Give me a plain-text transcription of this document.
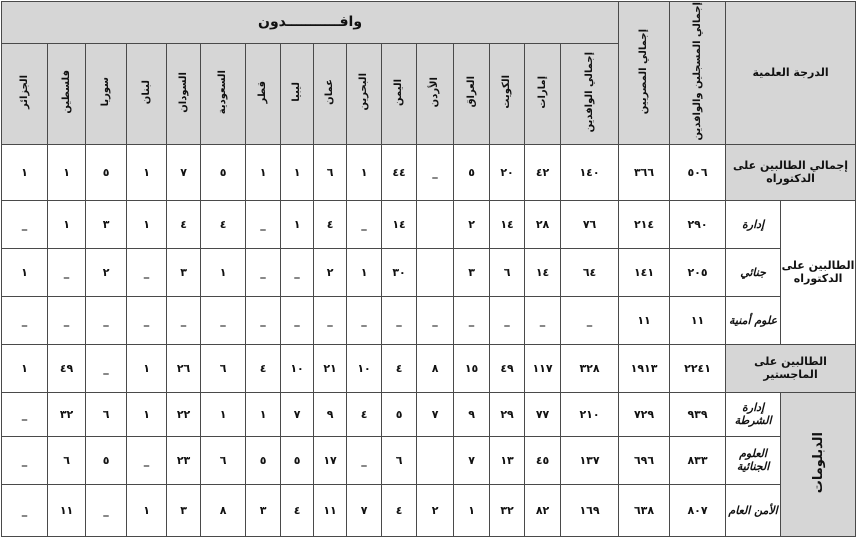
الدرجة العلمية		إجمالي المسجلين والوافدين	إجمالي المصريين	وافـــــــــــدون															
				إجمالي الوافدين	إمارات	الكويت	العراق	الأردن	اليمن	البحرين	عمان	ليبيا	قطر	السعودية	السودان	لبنان	سوريا	فلسطين	الجزائر
إجمالي الطالبين على الدكتوراه		٥٠٦	٣٦٦	١٤٠	٤٢	٢٠	٥	_	٤٤	١	٦	١	١	٥	٧	١	٥	١	١
الطالبين على الدكتوراه	إدارة	٢٩٠	٢١٤	٧٦	٢٨	١٤	٢		١٤	_	٤	١	_	٤	٤	١	٣	١	_
	جنائي	٢٠٥	١٤١	٦٤	١٤	٦	٣		٣٠	١	٢	_	_	١	٣	_	٢	_	١
	علوم أمنية	١١	١١	_	_	_	_	_	_	_	_	_	_	_	_	_	_	_	_
الطالبين على الماجستير		٢٢٤١	١٩١٣	٣٢٨	١١٧	٤٩	١٥	٨	٤	١٠	٢١	١٠	٤	٦	٢٦	١	_	٤٩	١
الدبلومات	إدارة الشرطة	٩٣٩	٧٢٩	٢١٠	٧٧	٢٩	٩	٧	٥	٤	٩	٧	١	١	٢٢	١	٦	٣٢	_
	العلوم الجنائية	٨٣٣	٦٩٦	١٣٧	٤٥	١٣	٧		٦	_	١٧	٥	٥	٦	٢٣	_	٥	٦	_
	الأمن العام	٨٠٧	٦٣٨	١٦٩	٨٢	٣٢	١	٢	٤	٧	١١	٤	٣	٨	٣	١	_	١١	_
